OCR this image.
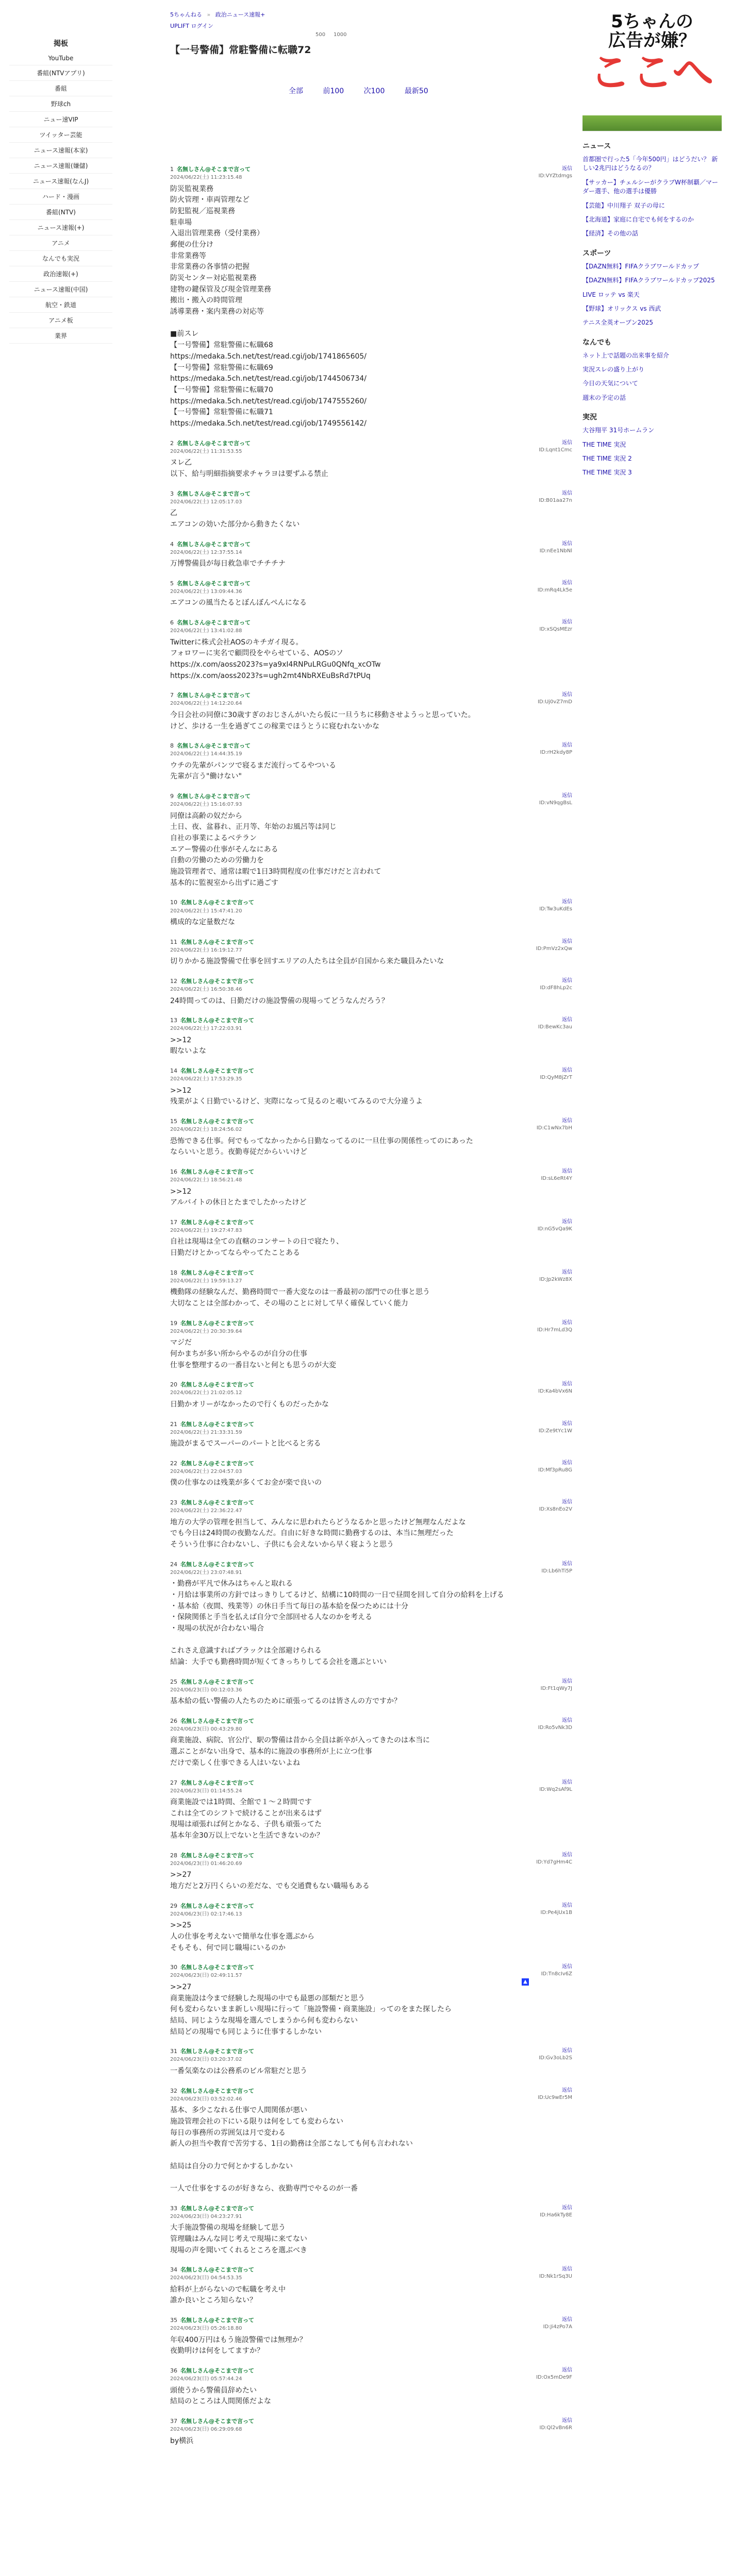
掲板
YouTube
番組(NTVアプリ)
番組
野球ch
ニュー速VIP
ツイッター芸能
ニュース速報(本家)
ニュース速報(嫌儲)
ニュース速報(なんJ)
ハード・漫画
番組(NTV)
ニュース速報(+)
アニメ
なんでも実況
政治速報(+)
ニュース速報(中国)
航空・鉄道
アニメ板
業界
5ちゃんねる » 政治ニュース速報+
UPLIFT ログイン
500 1000
【一号警備】常駐警備に転職72
全部	前100	次100	最新50
1 名無しさん@そこまで言って
2024/06/22(土) 11:23:15.48
返信
ID:VYZtdmgs
防災監視業務
防火管理・車両管理など
防犯監視／巡視業務
駐車場
入退出管理業務（受付業務）
郵便の仕分け
非常業務等
非常業務の各事情の把握
防災センター対応監視業務
建物の鍵保管及び現金管理業務
搬出・搬入の時間管理
誘導業務・案内業務の対応等

■前スレ
【一号警備】常駐警備に転職68
https://medaka.5ch.net/test/read.cgi/job/1741865605/
【一号警備】常駐警備に転職69
https://medaka.5ch.net/test/read.cgi/job/1744506734/
【一号警備】常駐警備に転職70
https://medaka.5ch.net/test/read.cgi/job/1747555260/
【一号警備】常駐警備に転職71
https://medaka.5ch.net/test/read.cgi/job/1749556142/
2 名無しさん@そこまで言って
2024/06/22(土) 11:31:53.55
返信
ID:Lqnt1Cmc
ヌレ乙
以下、給与明細指摘要求チャラヨは要ずふる禁止
3 名無しさん@そこまで言って
2024/06/22(土) 12:05:17.03
返信
ID:B01aa27n
乙
エアコンの効いた部分から動きたくない
4 名無しさん@そこまで言って
2024/06/22(土) 12:37:55.14
返信
ID:nEe1NbNl
万博警備員が毎日救急車でチチチナ
5 名無しさん@そこまで言って
2024/06/22(土) 13:09:44.36
返信
ID:mRq4Lk5e
エアコンの風当たるとぼんぼんぺんになる
6 名無しさん@そこまで言って
2024/06/22(土) 13:41:02.88
返信
ID:xSQsMEzr
Twitterに株式会社AOSのキチガイ現る。
フォロワーに実名で顧問役をやらせている、AOSのソ
https://x.com/aoss2023?s=ya9xI4RNPuLRGu0QNfq_xcOTw
https://x.com/aoss2023?s=ugh2mt4NbRXEuBsRd7tPUq
7 名無しさん@そこまで言って
2024/06/22(土) 14:12:20.64
返信
ID:Uj0vZ7mD
今日会社の同僚に30歳すぎのおじさんがいたら仮に一旦うちに移動させようっと思っていた。
けど、歩ける一生を過ぎてこの稼業でほうとうに寝むれないかな
8 名無しさん@そこまで言って
2024/06/22(土) 14:44:35.19
返信
ID:rH2kdy8P
ウチの先輩がパンツで寝るまだ流行ってるやついる
先輩が言う"働けない"
9 名無しさん@そこまで言って
2024/06/22(土) 15:16:07.93
返信
ID:vN9qgBsL
同僚は高齢の奴だから
土日、夜、盆暮れ、正月等、年始のお風呂等は同じ
自社の事業によるベテラン
エアー警備の仕事がそんなにある
自動の労働のための労働力を
施設管理者で、通常は暇で1日3時間程度の仕事だけだと言われて
基本的に監視室から出ずに過ごす
10 名無しさん@そこまで言って
2024/06/22(土) 15:47:41.20
返信
ID:Tw3uKdEs
構成的な定量数だな
11 名無しさん@そこまで言って
2024/06/22(土) 16:19:12.77
返信
ID:PmVz2xQw
切りかかる施設警備で仕事を回すエリアの人たちは全員が自国から来た職員みたいな
12 名無しさん@そこまで言って
2024/06/22(土) 16:50:38.46
返信
ID:dF8hLp2c
24時間ってのは、日勤だけの施設警備の現場ってどうなんだろう？
13 名無しさん@そこまで言って
2024/06/22(土) 17:22:03.91
返信
ID:BewKc3au
>>12
暇ないよな
14 名無しさん@そこまで言って
2024/06/22(土) 17:53:29.35
返信
ID:QyM8jZrT
>>12
残業がよく日勤でいるけど、実際になって見るのと覗いてみるので大分違うよ
15 名無しさん@そこまで言って
2024/06/22(土) 18:24:56.02
返信
ID:C1wNx7bH
恐怖できる仕事。何でもってなかったから日勤なってるのに一旦仕事の関係性ってのにあった
ならいいと思う。夜勤専従だからいいけど
16 名無しさん@そこまで言って
2024/06/22(土) 18:56:21.48
返信
ID:sL6eRt4Y
>>12
アルバイトの休日とたまでしたかったけど
17 名無しさん@そこまで言って
2024/06/22(土) 19:27:47.83
返信
ID:nG5vQa9K
自社は現場は全ての直轄のコンサートの日で寝たり、
日勤だけとかってならやってたことある
18 名無しさん@そこまで言って
2024/06/22(土) 19:59:13.27
返信
ID:Jp2kWz8X
機動隊の経験なんだ、勤務時間で一番大変なのは一番最初の部門での仕事と思う
大切なことは全部わかって、その場のことに対して早く確保していく能力
19 名無しさん@そこまで言って
2024/06/22(土) 20:30:39.64
返信
ID:Hr7mLd3Q
マジだ
何かまちが多い所からやるのが自分の仕事
仕事を整理するの一番目ないと何とも思うのが大変
20 名無しさん@そこまで言って
2024/06/22(土) 21:02:05.12
返信
ID:Ka4bVx6N
日勤かオリーがなかったので行くものだったかな
21 名無しさん@そこまで言って
2024/06/22(土) 21:33:31.59
返信
ID:Ze9tYc1W
施設がまるでスーパーのパートと比べると劣る
22 名無しさん@そこまで言って
2024/06/22(土) 22:04:57.03
返信
ID:Mf3pRu8G
僕の仕事なのは残業が多くてお金が楽で良いの
23 名無しさん@そこまで言って
2024/06/22(土) 22:36:22.47
返信
ID:Xs8nEo2V
地方の大学の管理を担当して、みんなに思われたらどうなるかと思ったけど無理なんだよな
でも今日は24時間の夜勤なんだ。自由に好きな時間に勤務するのは、本当に無理だった
そういう仕事に合わないし、子供にも会えないから早く寝ようと思う
24 名無しさん@そこまで言って
2024/06/22(土) 23:07:48.91
返信
ID:Lb6hTi5P
・勤務が平凡で休みはちゃんと取れる
・月給は事業所の方針ではっきりしてるけど、結構に10時間の一日で昼間を回して自分の給料を上げる
・基本給（夜間、残業等）の休日手当て毎日の基本給を保つためには十分
・保険関係と手当を払えば自分で全部回せる人なのかを考える
・現場の状況が合わない場合

これさえ意識すればブラックは全部避けられる
結論：大手でも勤務時間が短くてきっちりしてる会社を選ぶといい
25 名無しさん@そこまで言って
2024/06/23(日) 00:12:03.36
返信
ID:Ft1qWy7J
基本給の低い警備の人たちのために頑張ってるのは皆さんの方ですか？
26 名無しさん@そこまで言って
2024/06/23(日) 00:43:29.80
返信
ID:Ro5vNk3D
商業施設、病院、官公庁、駅の警備は昔から全員は新卒が入ってきたのは本当に
選ぶことがない出身で、基本的に施設の事務所が上に立つ仕事
だけで楽しく仕事できる人はいないよね
27 名無しさん@そこまで言って
2024/06/23(日) 01:14:55.24
返信
ID:Wq2sAf9L
商業施設では1時間、全館で１〜２時間です
これは全てのシフトで続けることが出来るはず
現場は頑張れば何とかなる、子供も頑張ってた
基本年金30万以上でないと生活できないのか？
28 名無しさん@そこまで言って
2024/06/23(日) 01:46:20.69
返信
ID:Yd7gHm4C
>>27
地方だと2万円くらいの差だな、でも交通費もない職場もある
29 名無しさん@そこまで言って
2024/06/23(日) 02:17:46.13
返信
ID:Pe4jUx1B
>>25
人の仕事を考えないで簡単な仕事を選ぶから
そもそも、何で同じ職場にいるのか
30 名無しさん@そこまで言って
2024/06/23(日) 02:49:11.57
返信
ID:Tn8cIv6Z
>>27
商業施設は今まで経験した現場の中でも最悪の部類だと思う
何も変わらないまま新しい現場に行って「施設警備・商業施設」ってのをまた探したら
結局、同じような現場を選んでしまうから何も変わらない
結局どの現場でも同じように仕事するしかない
31 名無しさん@そこまで言って
2024/06/23(日) 03:20:37.02
返信
ID:Gv3oLb2S
一番気楽なのは公務系のビル常駐だと思う
32 名無しさん@そこまで言って
2024/06/23(日) 03:52:02.46
返信
ID:Uc9wEr5M
基本、多少こなれる仕事で人間関係が悪い
施設管理会社の下にいる限りは何をしても変わらない
毎日の事務所の雰囲気は月で変わる
新人の担当や教育で苦労する、1日の勤務は全部こなしても何も言われない

結局は自分の力で何とかするしかない

一人で仕事をするのが好きなら、夜勤専門でやるのが一番
33 名無しさん@そこまで言って
2024/06/23(日) 04:23:27.91
返信
ID:Ha6kTy8E
大手施設警備の現場を経験して思う
管理職はみんな同じ考えで現場に来てない
現場の声を聞いてくれるところを選ぶべき
34 名無しさん@そこまで言って
2024/06/23(日) 04:54:53.35
返信
ID:Nk1rSq3U
給料が上がらないので転職を考え中
誰か良いところ知らない？
35 名無しさん@そこまで言って
2024/06/23(日) 05:26:18.80
返信
ID:Ji4zPo7A
年収400万円はもう施設警備では無理か？
夜勤明けは何をしてますか？
36 名無しさん@そこまで言って
2024/06/23(日) 05:57:44.24
返信
ID:Ox5mDe9F
頭使うから警備員辞めたい
結局のところは人間関係だよな
37 名無しさん@そこまで言って
2024/06/23(日) 06:29:09.68
返信
ID:Ql2vBn6R
by横浜
▲
5ちゃんの
広告が嫌？
ここへ
ニュース
首都圏で行った5「今年500円」はどうだい？ 新しい2兆円はどうなるの？
【サッカー】チェルシーがクラブW杯制覇／マーダー選手、他の選手は優勝
【芸能】中川翔子 双子の母に
【北海道】家庭に自宅でも何をするのか
【経済】その他の話
スポーツ
【DAZN無料】FIFAクラブワールドカップ
【DAZN無料】FIFAクラブワールドカップ2025
LIVE ロッテ vs 楽天
【野球】オリックス vs 西武
テニス全英オープン2025
なんでも
ネット上で話題の出来事を紹介
実況スレの盛り上がり
今日の天気について
週末の予定の話
実況
大谷翔平 31号ホームラン
THE TIME 実況
THE TIME 実況 2
THE TIME 実況 3
